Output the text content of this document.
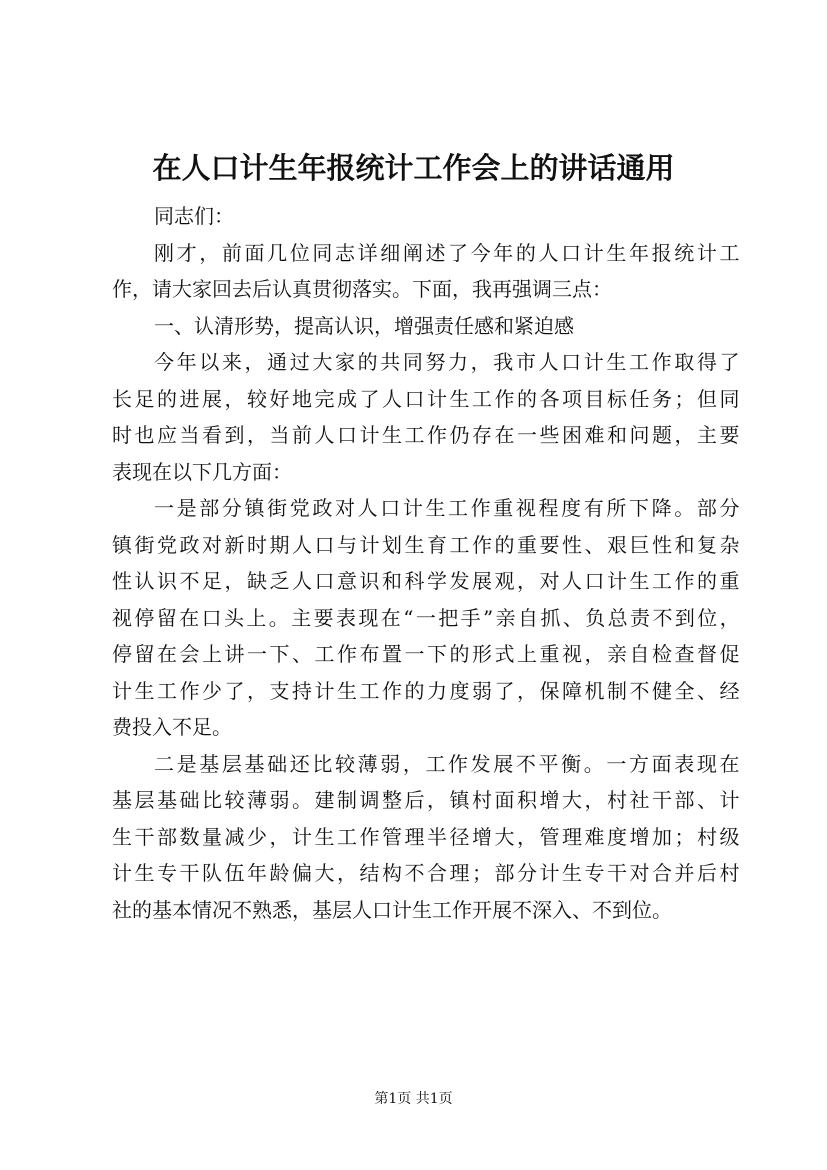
在人口计生年报统计工作会上的讲话通用
同志们：
刚才，前面几位同志详细阐述了今年的人口计生年报统计工
作，请大家回去后认真贯彻落实。下面，我再强调三点：
一、认清形势，提高认识，增强责任感和紧迫感
今年以来，通过大家的共同努力，我市人口计生工作取得了
长足的进展，较好地完成了人口计生工作的各项目标任务；但同
时也应当看到，当前人口计生工作仍存在一些困难和问题，主要
表现在以下几方面：
一是部分镇街党政对人口计生工作重视程度有所下降。部分
镇街党政对新时期人口与计划生育工作的重要性、艰巨性和复杂
性认识不足，缺乏人口意识和科学发展观，对人口计生工作的重
视停留在口头上。主要表现在“一把手”亲自抓、负总责不到位，
停留在会上讲一下、工作布置一下的形式上重视，亲自检查督促
计生工作少了，支持计生工作的力度弱了，保障机制不健全、经
费投入不足。
二是基层基础还比较薄弱，工作发展不平衡。一方面表现在
基层基础比较薄弱。建制调整后，镇村面积增大，村社干部、计
生干部数量减少，计生工作管理半径增大，管理难度增加；村级
计生专干队伍年龄偏大，结构不合理；部分计生专干对合并后村
社的基本情况不熟悉，基层人口计生工作开展不深入、不到位。
第1页 共1页
